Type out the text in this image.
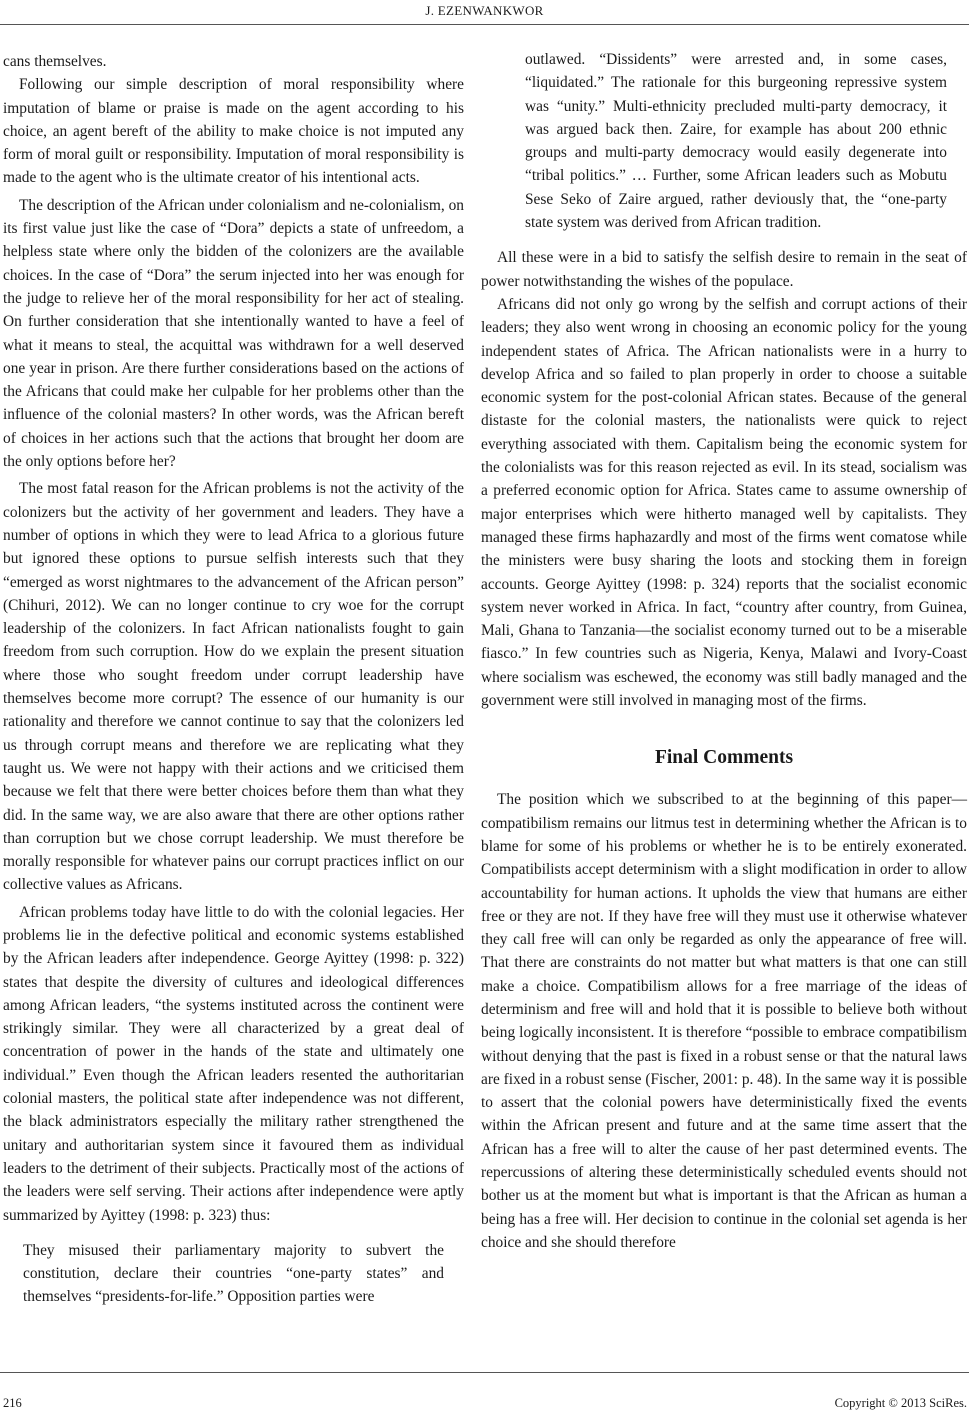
J. EZENWANKWOR

cans themselves.

Following our simple description of moral responsibility where imputation of blame or praise is made on the agent according to his choice, an agent bereft of the ability to make choice is not imputed any form of moral guilt or responsibility. Imputation of moral responsibility is made to the agent who is the ultimate creator of his intentional acts.

The description of the African under colonialism and ne-colonialism, on its first value just like the case of “Dora” depicts a state of unfreedom, a helpless state where only the bidden of the colonizers are the available choices. In the case of “Dora” the serum injected into her was enough for the judge to relieve her of the moral responsibility for her act of stealing. On further consideration that she intentionally wanted to have a feel of what it means to steal, the acquittal was withdrawn for a well deserved one year in prison. Are there further considerations based on the actions of the Africans that could make her culpable for her problems other than the influence of the colonial masters? In other words, was the African bereft of choices in her actions such that the actions that brought her doom are the only options before her?

The most fatal reason for the African problems is not the activity of the colonizers but the activity of her government and leaders. They have a number of options in which they were to lead Africa to a glorious future but ignored these options to pursue selfish interests such that they “emerged as worst nightmares to the advancement of the African person” (Chihuri, 2012). We can no longer continue to cry woe for the corrupt leadership of the colonizers. In fact African nationalists fought to gain freedom from such corruption. How do we explain the present situation where those who sought freedom under corrupt leadership have themselves become more corrupt? The essence of our humanity is our rationality and therefore we cannot continue to say that the colonizers led us through corrupt means and therefore we are replicating what they taught us. We were not happy with their actions and we criticised them because we felt that there were better choices before them than what they did. In the same way, we are also aware that there are other options rather than corruption but we chose corrupt leadership. We must therefore be morally responsible for whatever pains our corrupt practices inflict on our collective values as Africans.

African problems today have little to do with the colonial legacies. Her problems lie in the defective political and economic systems established by the African leaders after independence. George Ayittey (1998: p. 322) states that despite the diversity of cultures and ideological differences among African leaders, “the systems instituted across the continent were strikingly similar. They were all characterized by a great deal of concentration of power in the hands of the state and ultimately one individual.” Even though the African leaders resented the authoritarian colonial masters, the political state after independence was not different, the black administrators especially the military rather strengthened the unitary and authoritarian system since it favoured them as individual leaders to the detriment of their subjects. Practically most of the actions of the leaders were self serving. Their actions after independence were aptly summarized by Ayittey (1998: p. 323) thus:

They misused their parliamentary majority to subvert the constitution, declare their countries “one-party states” and themselves “presidents-for-life.” Opposition parties were
outlawed. “Dissidents” were arrested and, in some cases, “liquidated.” The rationale for this burgeoning repressive system was “unity.” Multi-ethnicity precluded multi-party democracy, it was argued back then. Zaire, for example has about 200 ethnic groups and multi-party democracy would easily degenerate into “tribal politics.” … Further, some African leaders such as Mobutu Sese Seko of Zaire argued, rather deviously that, the “one-party state system was derived from African tradition.

All these were in a bid to satisfy the selfish desire to remain in the seat of power notwithstanding the wishes of the populace.

Africans did not only go wrong by the selfish and corrupt actions of their leaders; they also went wrong in choosing an economic policy for the young independent states of Africa. The African nationalists were in a hurry to develop Africa and so failed to plan properly in order to choose a suitable economic system for the post-colonial African states. Because of the general distaste for the colonial masters, the nationalists were quick to reject everything associated with them. Capitalism being the economic system for the colonialists was for this reason rejected as evil. In its stead, socialism was a preferred economic option for Africa. States came to assume ownership of major enterprises which were hitherto managed well by capitalists. They managed these firms haphazardly and most of the firms went comatose while the ministers were busy sharing the loots and stocking them in foreign accounts. George Ayittey (1998: p. 324) reports that the socialist economic system never worked in Africa. In fact, “country after country, from Guinea, Mali, Ghana to Tanzania—the socialist economy turned out to be a miserable fiasco.” In few countries such as Nigeria, Kenya, Malawi and Ivory-Coast where socialism was eschewed, the economy was still badly managed and the government were still involved in managing most of the firms.

Final Comments

The position which we subscribed to at the beginning of this paper—compatibilism remains our litmus test in determining whether the African is to blame for some of his problems or whether he is to be entirely exonerated. Compatibilists accept determinism with a slight modification in order to allow accountability for human actions. It upholds the view that humans are either free or they are not. If they have free will they must use it otherwise whatever they call free will can only be regarded as only the appearance of free will. That there are constraints do not matter but what matters is that one can still make a choice. Compatibilism allows for a free marriage of the ideas of determinism and free will and hold that it is possible to believe both without being logically inconsistent. It is therefore “possible to embrace compatibilism without denying that the past is fixed in a robust sense or that the natural laws are fixed in a robust sense (Fischer, 2001: p. 48). In the same way it is possible to assert that the colonial powers have deterministically fixed the events within the African present and future and at the same time assert that the African has a free will to alter the cause of her past determined events. The repercussions of altering these deterministically scheduled events should not bother us at the moment but what is important is that the African as human a being has a free will. Her decision to continue in the colonial set agenda is her choice and she should therefore

216	Copyright © 2013 SciRes.
